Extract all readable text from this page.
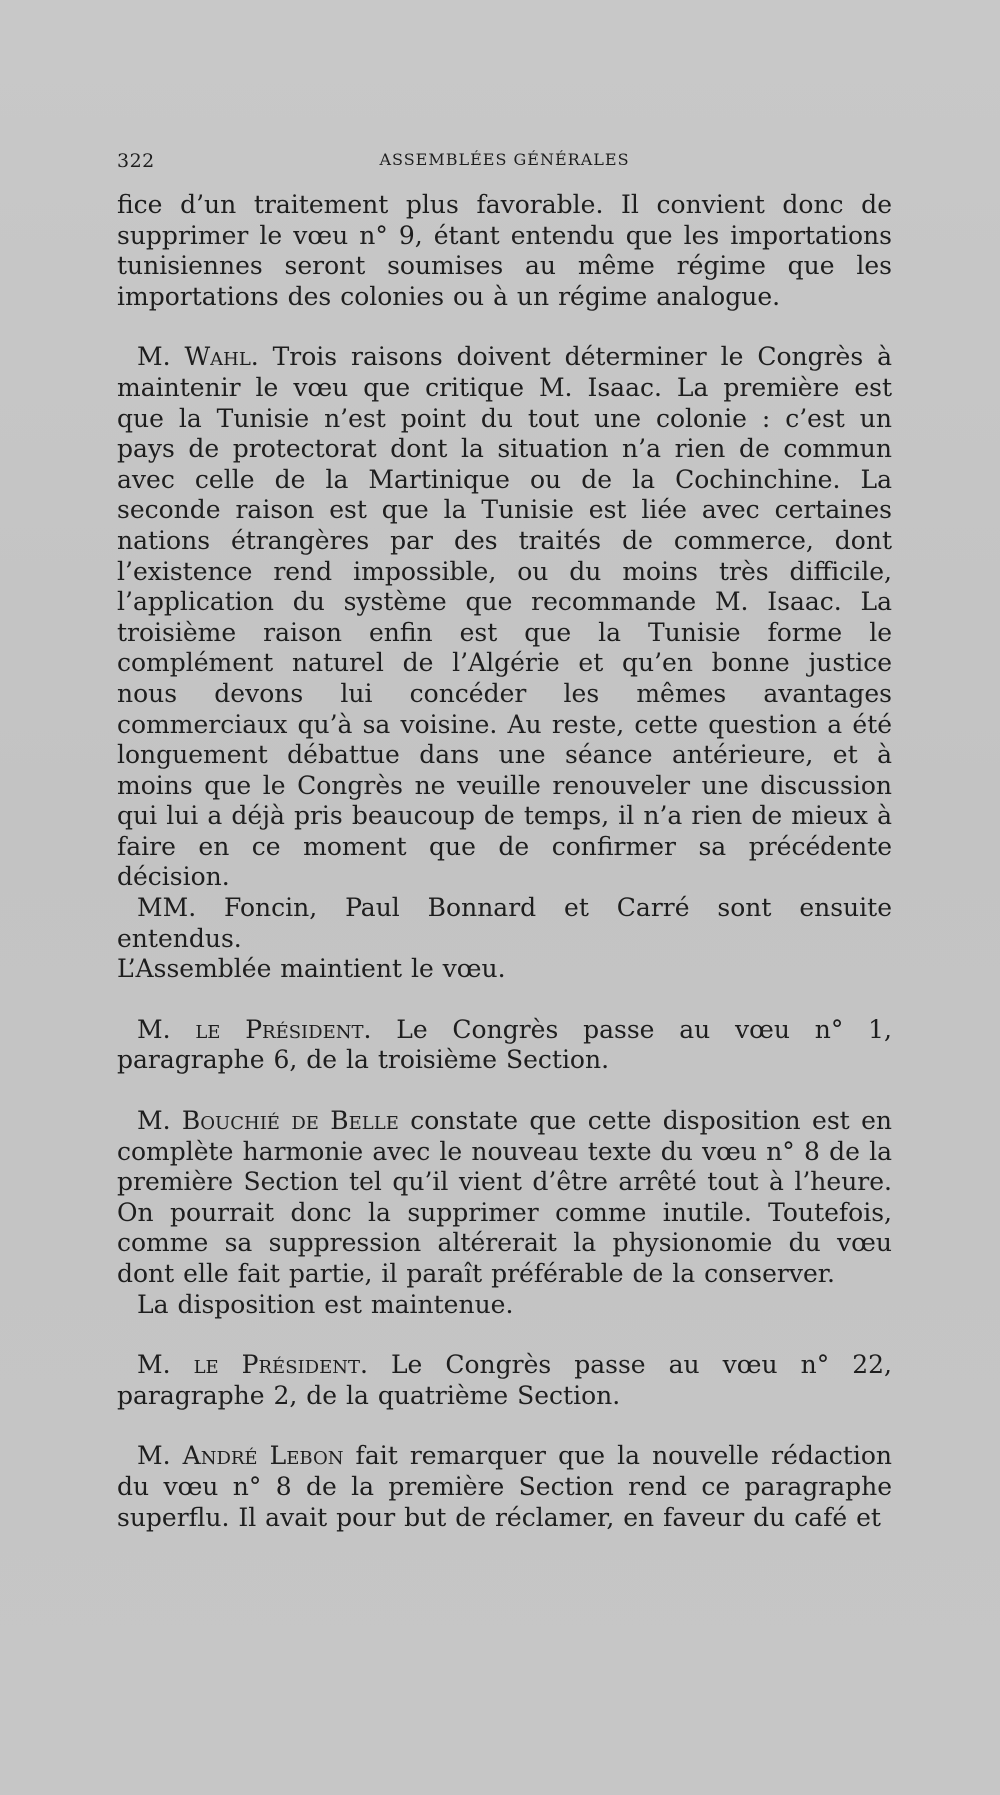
322	ASSEMBLÉES GÉNÉRALES

fice d’un traitement plus favorable. Il convient donc de supprimer le vœu n° 9, étant entendu que les importations tunisiennes seront soumises au même régime que les importations des colonies ou à un régime analogue.

M. Wahl. Trois raisons doivent déterminer le Congrès à maintenir le vœu que critique M. Isaac. La première est que la Tunisie n’est point du tout une colonie : c’est un pays de protectorat dont la situation n’a rien de commun avec celle de la Martinique ou de la Cochinchine. La seconde raison est que la Tunisie est liée avec certaines nations étrangères par des traités de commerce, dont l’existence rend impossible, ou du moins très difficile, l’application du système que recommande M. Isaac. La troisième raison enfin est que la Tunisie forme le complément naturel de l’Algérie et qu’en bonne justice nous devons lui concéder les mêmes avantages commerciaux qu’à sa voisine. Au reste, cette question a été longuement débattue dans une séance antérieure, et à moins que le Congrès ne veuille renouveler une discussion qui lui a déjà pris beaucoup de temps, il n’a rien de mieux à faire en ce moment que de confirmer sa précédente décision.

MM. Foncin, Paul Bonnard et Carré sont ensuite entendus.

L’Assemblée maintient le vœu.

M. le Président. Le Congrès passe au vœu n° 1, paragraphe 6, de la troisième Section.

M. Bouchié de Belle constate que cette disposition est en complète harmonie avec le nouveau texte du vœu n° 8 de la première Section tel qu’il vient d’être arrêté tout à l’heure. On pourrait donc la supprimer comme inutile. Toutefois, comme sa suppression altérerait la physionomie du vœu dont elle fait partie, il paraît préférable de la conserver.

La disposition est maintenue.

M. le Président. Le Congrès passe au vœu n° 22, paragraphe 2, de la quatrième Section.

M. André Lebon fait remarquer que la nouvelle rédaction du vœu n° 8 de la première Section rend ce paragraphe superflu. Il avait pour but de réclamer, en faveur du café et
